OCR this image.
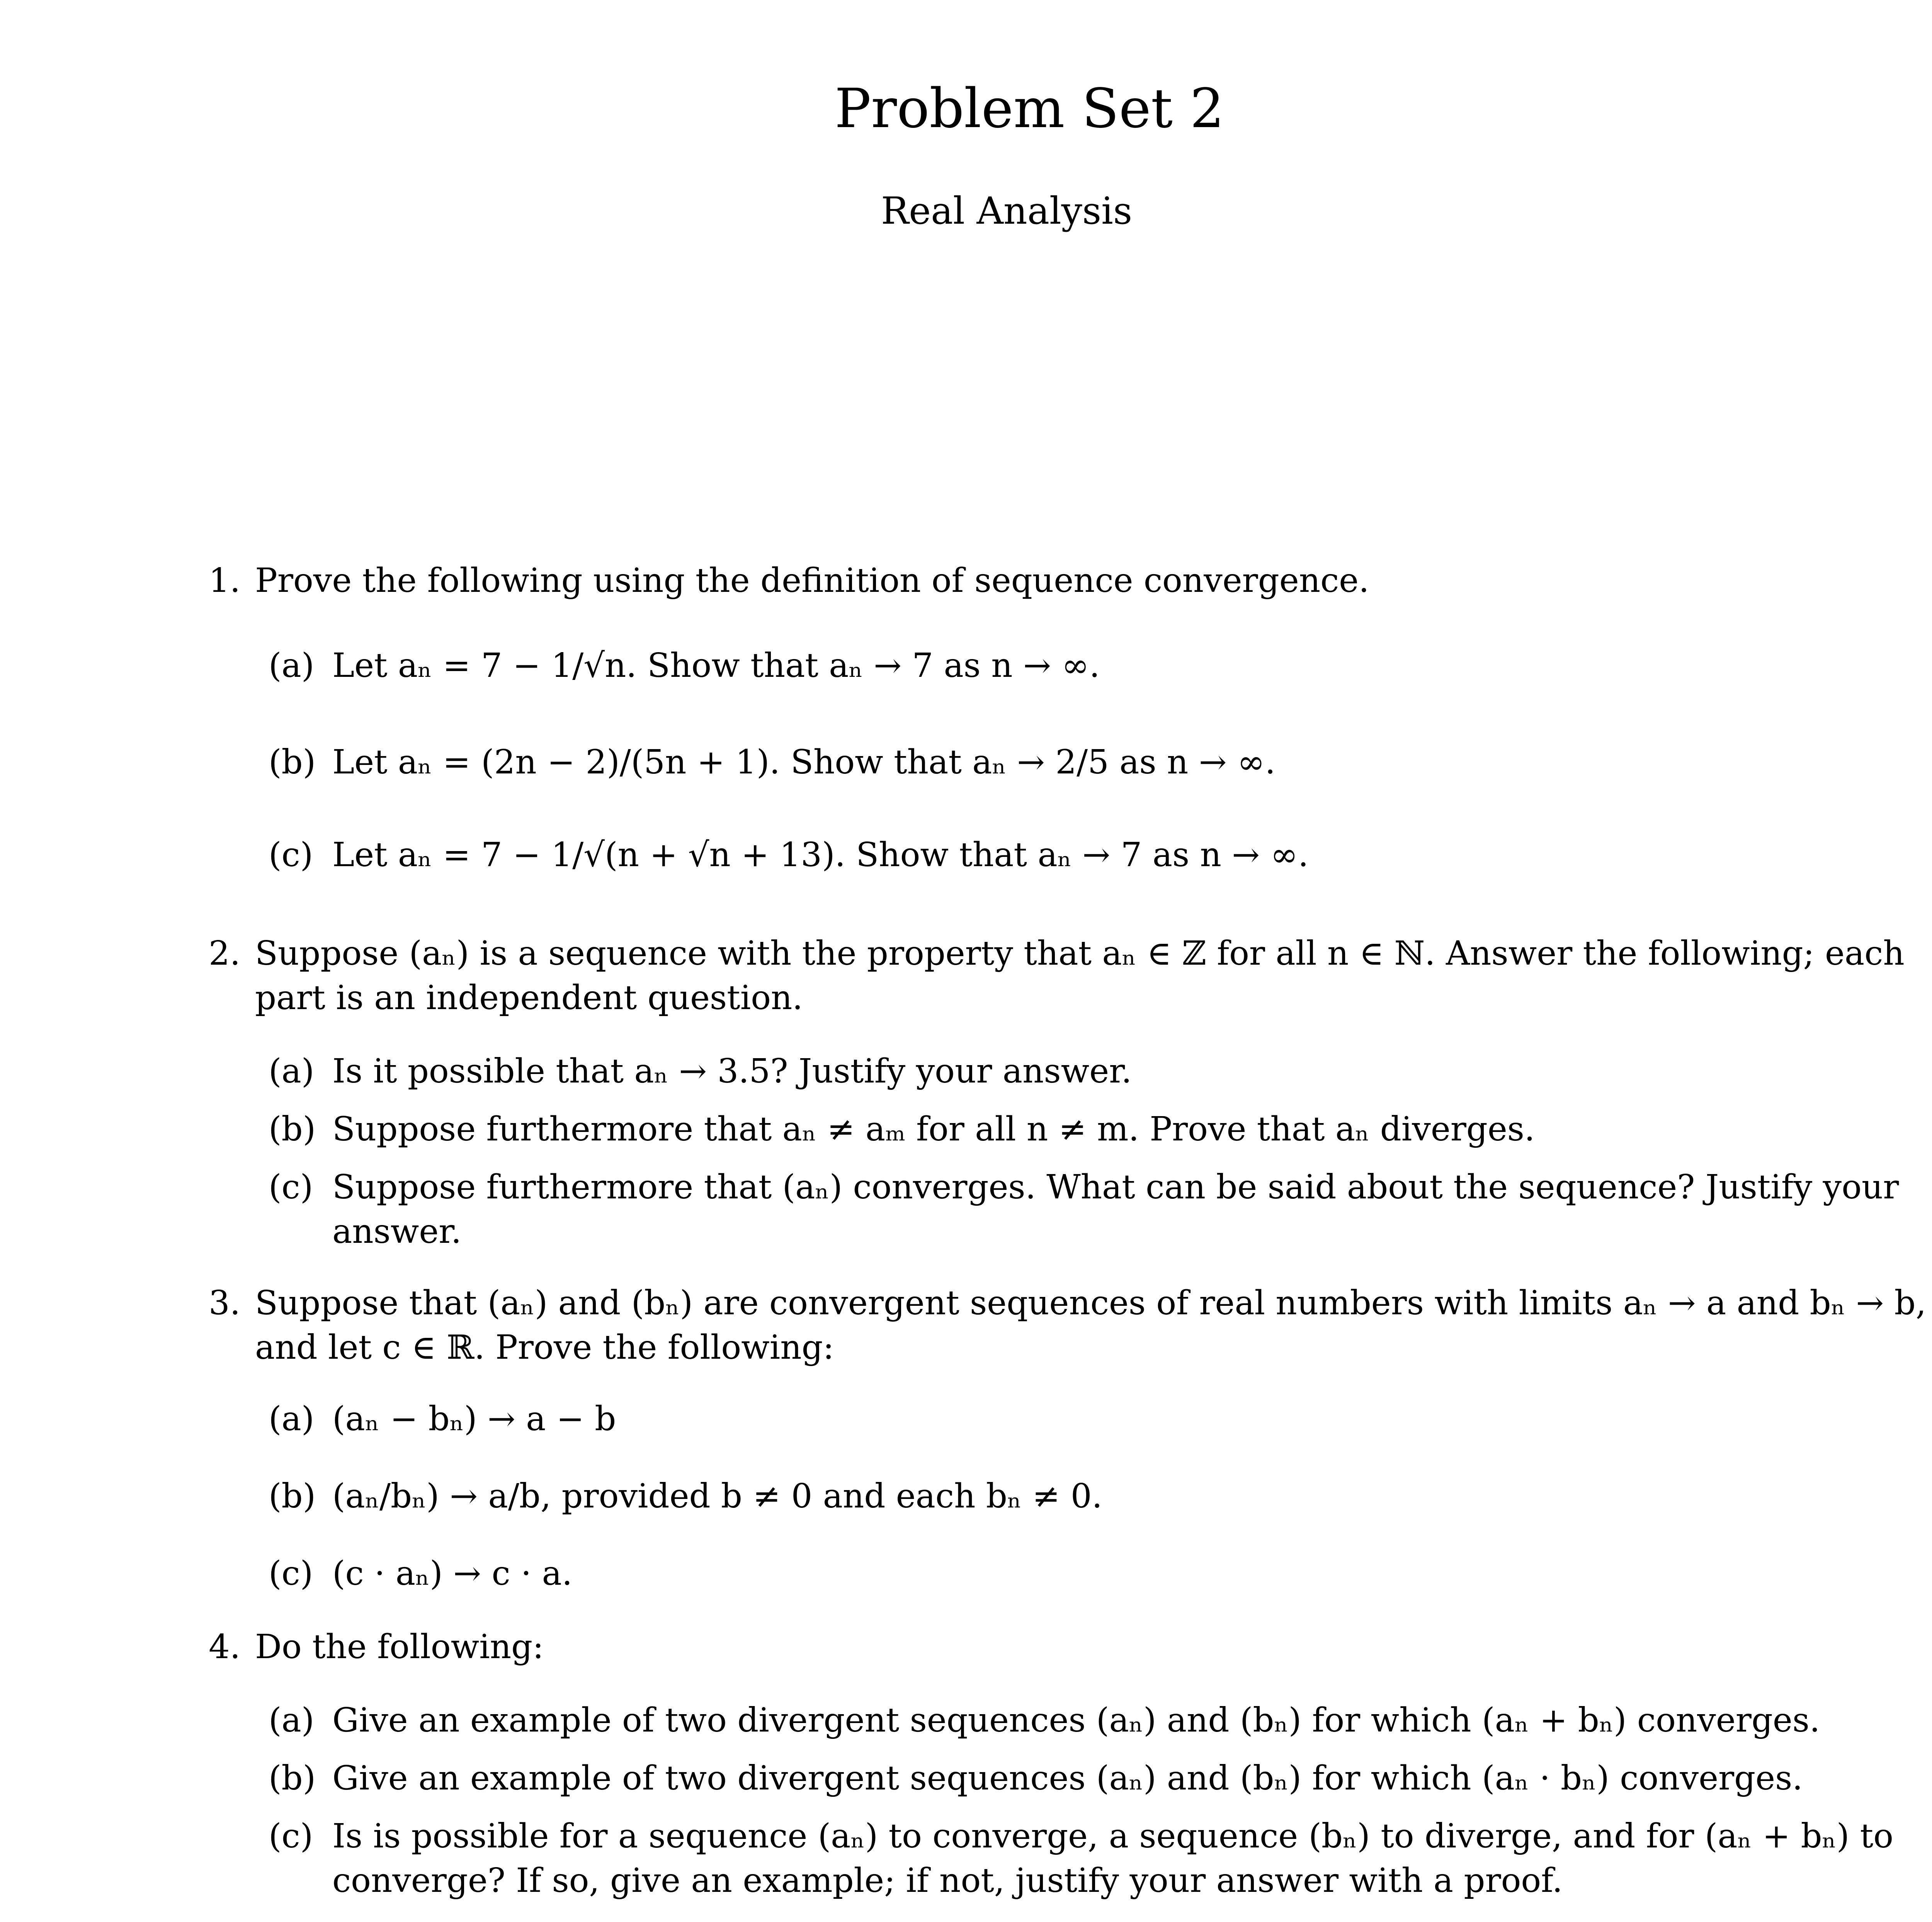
Problem Set 2
Real Analysis
1. Prove the following using the definition of sequence convergence.
(a) Let aₙ = 7 − 1/√n. Show that aₙ → 7 as n → ∞.
(b) Let aₙ = (2n − 2)/(5n + 1). Show that aₙ → 2/5 as n → ∞.
(c) Let aₙ = 7 − 1/√(n + √n + 13). Show that aₙ → 7 as n → ∞.
2. Suppose (aₙ) is a sequence with the property that aₙ ∈ ℤ for all n ∈ ℕ. Answer the following; each
part is an independent question.
(a) Is it possible that aₙ → 3.5? Justify your answer.
(b) Suppose furthermore that aₙ ≠ aₘ for all n ≠ m. Prove that aₙ diverges.
(c) Suppose furthermore that (aₙ) converges. What can be said about the sequence? Justify your
answer.
3. Suppose that (aₙ) and (bₙ) are convergent sequences of real numbers with limits aₙ → a and bₙ → b,
and let c ∈ ℝ. Prove the following:
(a) (aₙ − bₙ) → a − b
(b) (aₙ/bₙ) → a/b, provided b ≠ 0 and each bₙ ≠ 0.
(c) (c · aₙ) → c · a.
4. Do the following:
(a) Give an example of two divergent sequences (aₙ) and (bₙ) for which (aₙ + bₙ) converges.
(b) Give an example of two divergent sequences (aₙ) and (bₙ) for which (aₙ · bₙ) converges.
(c) Is is possible for a sequence (aₙ) to converge, a sequence (bₙ) to diverge, and for (aₙ + bₙ) to
converge? If so, give an example; if not, justify your answer with a proof.
